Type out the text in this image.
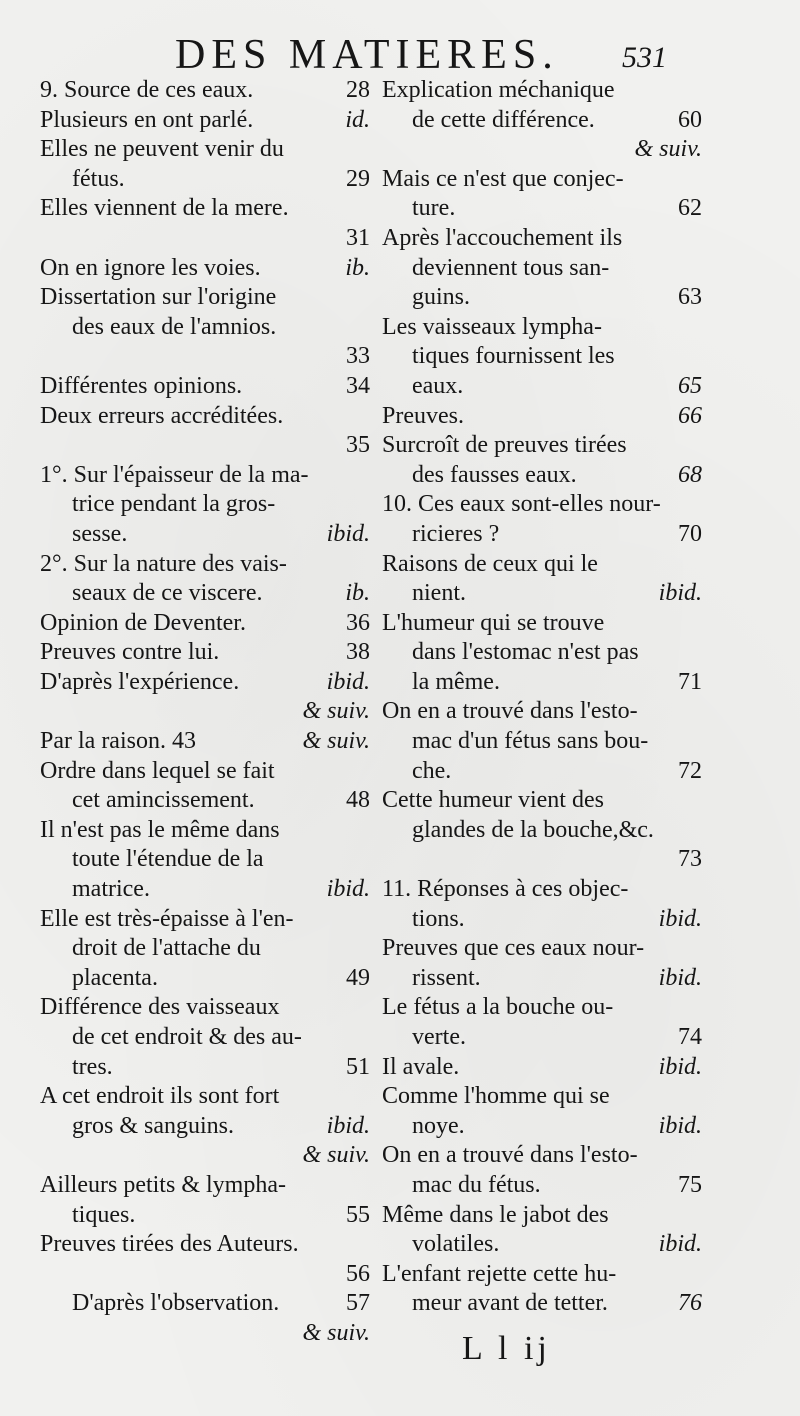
DES MATIERES. 531
9. Source de ces eaux.	28
Plusieurs en ont parlé.	id.
Elles ne peuvent venir du
fétus.	29
Elles viennent de la mere.
31
On en ignore les voies.	ib.
Dissertation sur l'origine
des eaux de l'amnios.
33
Différentes opinions.	34
Deux erreurs accréditées.
35
1°. Sur l'épaisseur de la ma-
trice pendant la gros-
sesse.	ibid.
2°. Sur la nature des vais-
seaux de ce viscere.	ib.
Opinion de Deventer.	36
Preuves contre lui.	38
D'après l'expérience.	ibid.
& suiv.
Par la raison. 43	& suiv.
Ordre dans lequel se fait
cet amincissement.	48
Il n'est pas le même dans
toute l'étendue de la
matrice.	ibid.
Elle est très-épaisse à l'en-
droit de l'attache du
placenta.	49
Différence des vaisseaux
de cet endroit & des au-
tres.	51
A cet endroit ils sont fort
gros & sanguins.	ibid.
& suiv.
Ailleurs petits & lympha-
tiques.	55
Preuves tirées des Auteurs.
56
D'après l'observation.	57
& suiv.
Explication méchanique
de cette différence.	60
& suiv.
Mais ce n'est que conjec-
ture.	62
Après l'accouchement ils
deviennent tous san-
guins.	63
Les vaisseaux lympha-
tiques fournissent les
eaux.	65
Preuves.	66
Surcroît de preuves tirées
des fausses eaux.	68
10. Ces eaux sont-elles nour-
ricieres ?	70
Raisons de ceux qui le
nient.	ibid.
L'humeur qui se trouve
dans l'estomac n'est pas
la même.	71
On en a trouvé dans l'esto-
mac d'un fétus sans bou-
che.	72
Cette humeur vient des
glandes de la bouche,&c.
73
11. Réponses à ces objec-
tions.	ibid.
Preuves que ces eaux nour-
rissent.	ibid.
Le fétus a la bouche ou-
verte.	74
Il avale.	ibid.
Comme l'homme qui se
noye.	ibid.
On en a trouvé dans l'esto-
mac du fétus.	75
Même dans le jabot des
volatiles.	ibid.
L'enfant rejette cette hu-
meur avant de tetter.	76
L l ij
